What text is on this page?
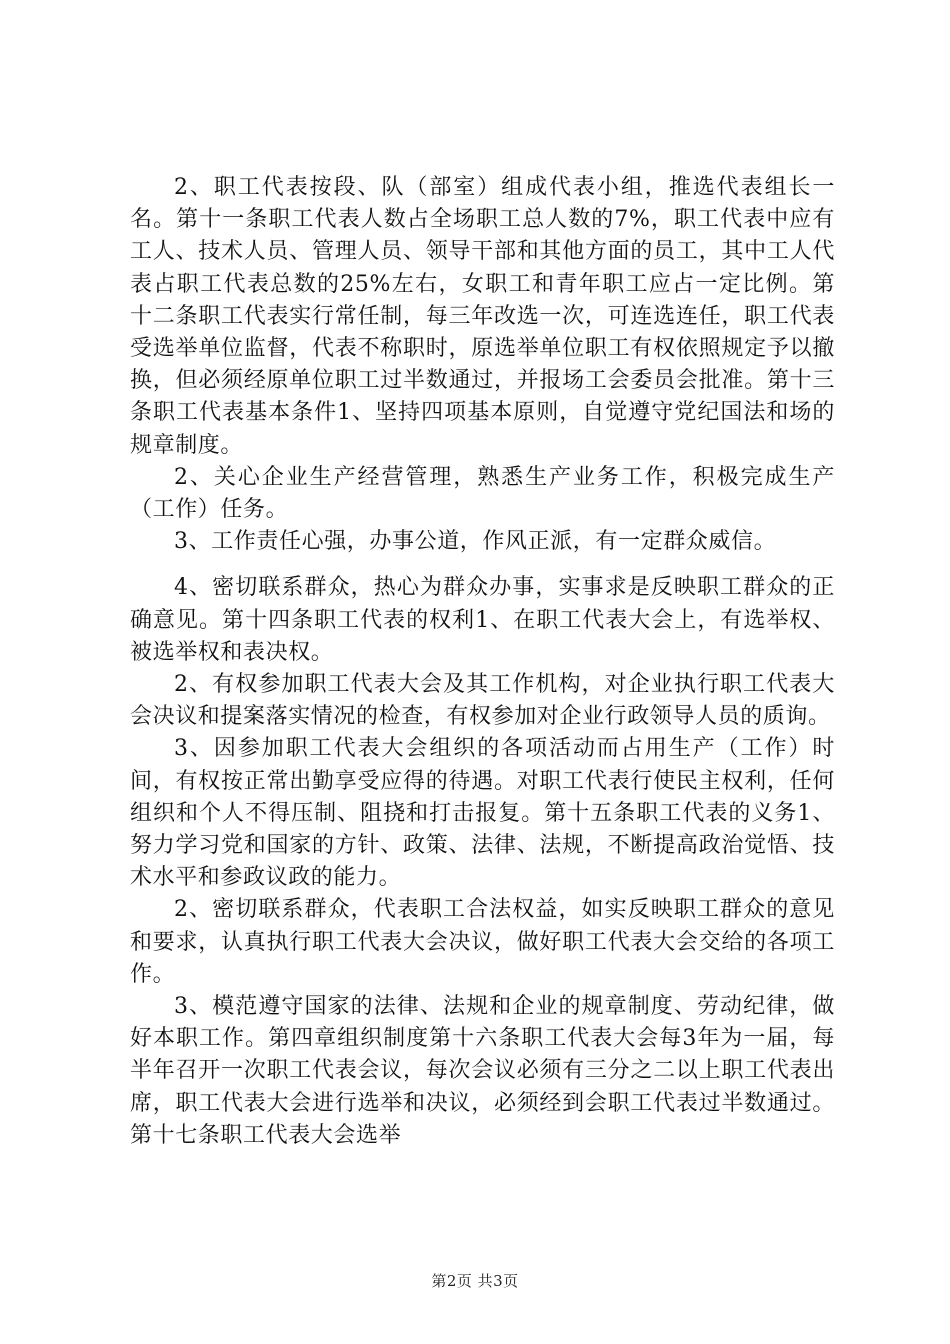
2、职工代表按段、队（部室）组成代表小组，推选代表组长一名。第十一条职工代表人数占全场职工总人数的7%，职工代表中应有工人、技术人员、管理人员、领导干部和其他方面的员工，其中工人代表占职工代表总数的25%左右，女职工和青年职工应占一定比例。第十二条职工代表实行常任制，每三年改选一次，可连选连任，职工代表受选举单位监督，代表不称职时，原选举单位职工有权依照规定予以撤换，但必须经原单位职工过半数通过，并报场工会委员会批准。第十三条职工代表基本条件1、坚持四项基本原则，自觉遵守党纪国法和场的规章制度。

2、关心企业生产经营管理，熟悉生产业务工作，积极完成生产（工作）任务。

3、工作责任心强，办事公道，作风正派，有一定群众威信。

4、密切联系群众，热心为群众办事，实事求是反映职工群众的正确意见。第十四条职工代表的权利1、在职工代表大会上，有选举权、被选举权和表决权。

2、有权参加职工代表大会及其工作机构，对企业执行职工代表大会决议和提案落实情况的检查，有权参加对企业行政领导人员的质询。

3、因参加职工代表大会组织的各项活动而占用生产（工作）时间，有权按正常出勤享受应得的待遇。对职工代表行使民主权利，任何组织和个人不得压制、阻挠和打击报复。第十五条职工代表的义务1、努力学习党和国家的方针、政策、法律、法规，不断提高政治觉悟、技术水平和参政议政的能力。

2、密切联系群众，代表职工合法权益，如实反映职工群众的意见和要求，认真执行职工代表大会决议，做好职工代表大会交给的各项工作。

3、模范遵守国家的法律、法规和企业的规章制度、劳动纪律，做好本职工作。第四章组织制度第十六条职工代表大会每3年为一届，每半年召开一次职工代表会议，每次会议必须有三分之二以上职工代表出席，职工代表大会进行选举和决议，必须经到会职工代表过半数通过。第十七条职工代表大会选举

第2页 共3页
